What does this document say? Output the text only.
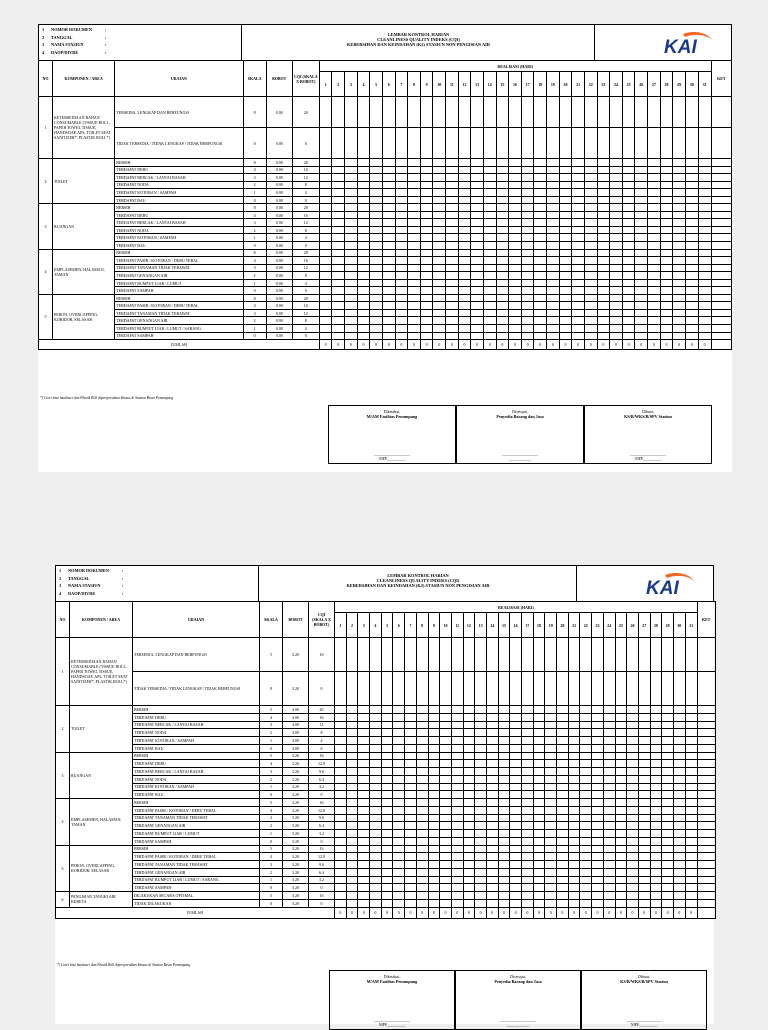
1 NOMOR DOKUMEN	:
2 TANGGAL	:
3 NAMA STASIUN	:
4 DAOP/DIVRE	:
LEMBAR KONTROL HARIAN
CLEANLINESS QUALITY INDEKS (CQI)
KEBERSIHAN DAN KEINDAHAN (K2) STASIUN NON PENGISIAN AIR	KAI
NO	KOMPONEN / AREA	URAIAN	SKALA	BOBOT	CQI (SKALA X BOBOT)	REALISASI (HARI)																															KET
						1	2	3	4	5	6	7	8	9	10	11	12	13	14	15	16	17	18	19	20	21	22	23	24	25	26	27	28	29	30	31	
1	KETERSEDIAAN BAHAN CONSUMABLE (TISSUE ROLL, PAPER TOWEL TISSUE, HANDSOAP, APS, TOILET SEAT SANITIZER*, PLASTIK ROLL*)	TERSEDIA, LENGKAP DAN BERFUNGSI	8	0.00	20																																
		TIDAK TERSEDIA / TIDAK LENGKAP / TIDAK BERFUNGSI	0	0.00	0																																
2	TOILET	BERSIH	8	0.00	20																																
		TERDAPAT DEBU	4	0.00	16																																
		TERDAPAT BERCAK / LANTAI BASAH	3	0.00	12																																
		TERDAPAT NODA	2	0.00	8																																
		TERDAPAT KOTORAN / SAMPAH	1	0.00	4																																
		TERDAPAT BAU	0	0.00	0																																
3	RUANGAN	BERSIH	8	0.00	20																																
		TERDAPAT DEBU	4	0.00	16																																
		TERDAPAT BERCAK / LANTAI BASAH	3	0.00	12																																
		TERDAPAT NODA	2	0.00	8																																
		TERDAPAT KOTORAN / SAMPAH	1	0.00	4																																
		TERDAPAT BAU	0	0.00	0																																
4	EMPLASEMEN, HALAMAN, TAMAN	BERSIH	8	0.00	20																																
		TERDAPAT PASIR / KOTORAN / DEBU TEBAL	4	0.00	16																																
		TERDAPAT TANAMAN TIDAK TERAWAT	3	0.00	12																																
		TERDAPAT GENANGAN AIR	2	0.00	8																																
		TERDAPAT RUMPUT LIAR / LUMUT	1	0.00	4																																
		TERDAPAT SAMPAH	0	0.00	0																																
5	PERON, OVERCAPPING, KORIDOR, SELASAR	BERSIH	8	0.00	20																																
		TERDAPAT PASIR / KOTORAN / DEBU TEBAL	4	0.00	16																																
		TERDAPAT TANAMAN TIDAK TERAWAT	3	0.00	12																																
		TERDAPAT GENANGAN AIR	2	0.00	8																																
		TERDAPAT RUMPUT LIAR / LUMUT / SARANG	1	0.00	4																																
		TERDAPAT SAMPAH	0	0.00	0																																
JUMLAH						0	0	0	0	0	0	0	0	0	0	0	0	0	0	0	0	0	0	0	0	0	0	0	0	0	0	0	0	0	0	0	
*) Coret bisa handuser dan Plastik Roll dipersyaratkan khusus di Stasiun Besar Penumpang
Diketahui,
M/AM Fasilitas Penumpang
____________________
NIPP.__________
Disetujui,
Penyedia Barang dan Jasa
____________________
____ ________
Dibuat,
KS/B/WKS/B/SPV Stasiun
____________________
NIPP.__________
1 NOMOR DOKUMEN	:
2 TANGGAL	:
3 NAMA STASIUN	:
4 DAOP/DIVRE	:
LEMBAR KONTROL HARIAN
CLEANLINESS QUALITY INDEKS (CQI)
KEBERSIHAN DAN KEINDAHAN (K2) STASIUN NON PENGISIAN AIR	KAI
NO	KOMPONEN / AREA	URAIAN	SKALA	BOBOT	CQI (SKALA X BOBOT)	REALISASI (HARI)																															KET
						1	2	3	4	5	6	7	8	9	10	11	12	13	14	15	16	17	18	19	20	21	22	23	24	25	26	27	28	29	30	31	
1	KETERSEDIAAN BAHAN CONSUMABLE (TISSUE ROLL, PAPER TOWEL TISSUE, HANDSOAP, APS, TOILET SEAT SANITIZER*, PLASTIK ROLL*)	TERSEDIA, LENGKAP DAN BERFUNGSI	5	3.20	16																																
		TIDAK TERSEDIA / TIDAK LENGKAP / TIDAK BERFUNGSI	0	3.20	0																																
2	TOILET	BERSIH	5	4.00	20																																
		TERDAPAT DEBU	4	4.00	16																																
		TERDAPAT BERCAK / LANTAI BASAH	3	4.00	12																																
		TERDAPAT NODA	2	4.00	8																																
		TERDAPAT KOTORAN / SAMPAH	1	4.00	4																																
		TERDAPAT BAU	0	4.00	0																																
3	RUANGAN	BERSIH	5	3.20	16																																
		TERDAPAT DEBU	4	3.20	12.8																																
		TERDAPAT BERCAK / LANTAI BASAH	3	3.20	9.6																																
		TERDAPAT NODA	2	3.20	6.4																																
		TERDAPAT KOTORAN / SAMPAH	1	3.20	3.2																																
		TERDAPAT BAU	0	3.20	0																																
4	EMPLASEMEN, HALAMAN, TAMAN	BERSIH	5	3.20	16																																
		TERDAPAT PASIR / KOTORAN / DEBU TEBAL	4	3.20	12.8																																
		TERDAPAT TANAMAN TIDAK TERAWAT	3	3.20	9.6																																
		TERDAPAT GENANGAN AIR	2	3.20	6.4																																
		TERDAPAT RUMPUT LIAR / LUMUT	1	3.20	3.2																																
		TERDAPAT SAMPAH	0	3.20	0																																
5	PERON, OVERCAPPING, KORIDOR, SELASAR	BERSIH	5	3.20	16																																
		TERDAPAT PASIR / KOTORAN / DEBU TEBAL	4	3.20	12.8																																
		TERDAPAT TANAMAN TIDAK TERAWAT	3	3.20	9.6																																
		TERDAPAT GENANGAN AIR	2	3.20	6.4																																
		TERDAPAT RUMPUT LIAR / LUMUT / SARANG	1	3.20	3.2																																
		TERDAPAT SAMPAH	0	3.20	0																																
6	PENGISIAN TANGKI AIR KERETA	DILAKUKAN SECARA OPTIMAL	5	3.20	16																																
		TIDAK DILAKUKAN	0	3.20	0																																
JUMLAH						0	0	0	0	0	0	0	0	0	0	0	0	0	0	0	0	0	0	0	0	0	0	0	0	0	0	0	0	0	0	0	
*) Coret bisa handuser dan Plastik Roll dipersyaratkan khusus di Stasiun Besar Penumpang
Diketahui,
M/AM Fasilitas Penumpang
____________________
NIPP.__________
Disetujui,
Penyedia Barang dan Jasa
____________________
____ ________
Dibuat,
KS/B/WKS/B/SPV Stasiun
____________________
NIPP.__________
